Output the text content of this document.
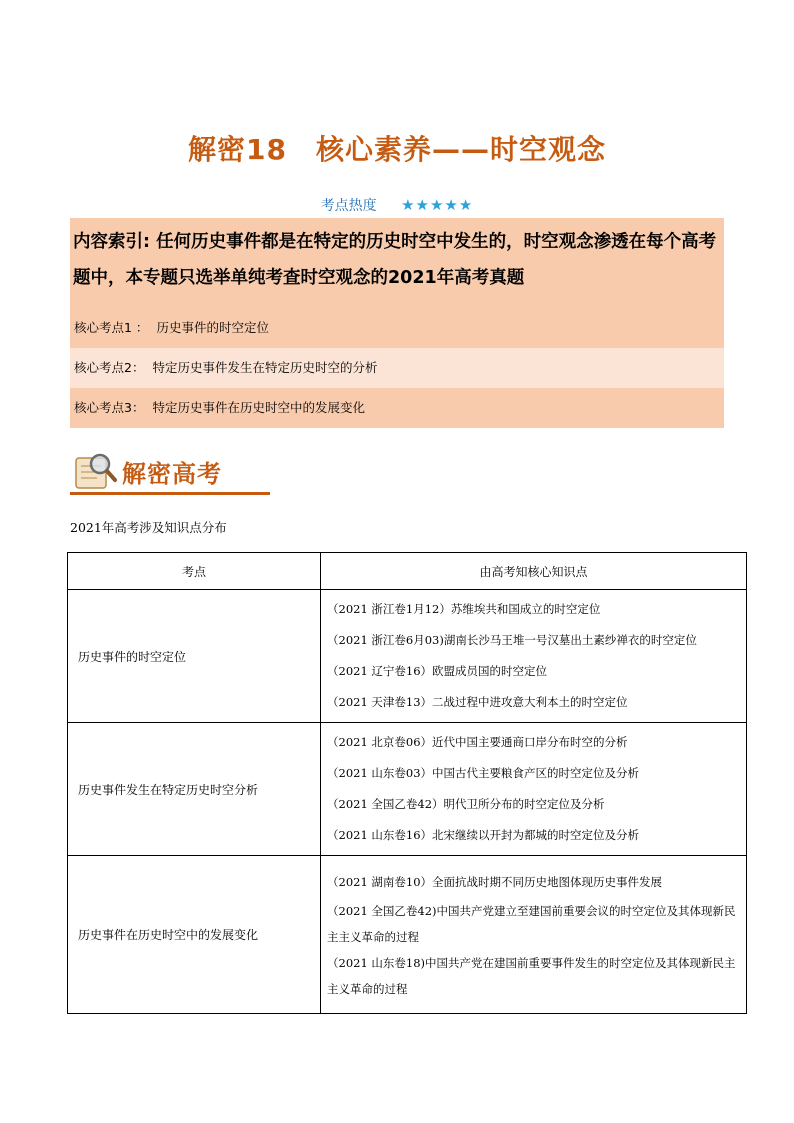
解密18　核心素养——时空观念
考点热度 ★★★★★
内容索引: 任何历史事件都是在特定的历史时空中发生的，时空观念渗透在每个高考题中，本专题只选举单纯考查时空观念的2021年高考真题
核心考点1 ： 历史事件的时空定位
核心考点2： 特定历史事件发生在特定历史时空的分析
核心考点3： 特定历史事件在历史时空中的发展变化
解密高考
2021年高考涉及知识点分布
考点	由高考知核心知识点
历史事件的时空定位	（2021 浙江卷1月12）苏维埃共和国成立的时空定位
（2021 浙江卷6月03)湖南长沙马王堆一号汉墓出土素纱禅衣的时空定位
（2021 辽宁卷16）欧盟成员国的时空定位
（2021 天津卷13）二战过程中进攻意大利本土的时空定位

历史事件发生在特定历史时空分析	（2021 北京卷06）近代中国主要通商口岸分布时空的分析
（2021 山东卷03）中国古代主要粮食产区的时空定位及分析
（2021 全国乙卷42）明代卫所分布的时空定位及分析
（2021 山东卷16）北宋继续以开封为都城的时空定位及分析

历史事件在历史时空中的发展变化	（2021 湖南卷10）全面抗战时期不同历史地图体现历史事件发展
（2021 全国乙卷42)中国共产党建立至建国前重要会议的时空定位及其体现新民主主义革命的过程
（2021 山东卷18)中国共产党在建国前重要事件发生的时空定位及其体现新民主主义革命的过程
